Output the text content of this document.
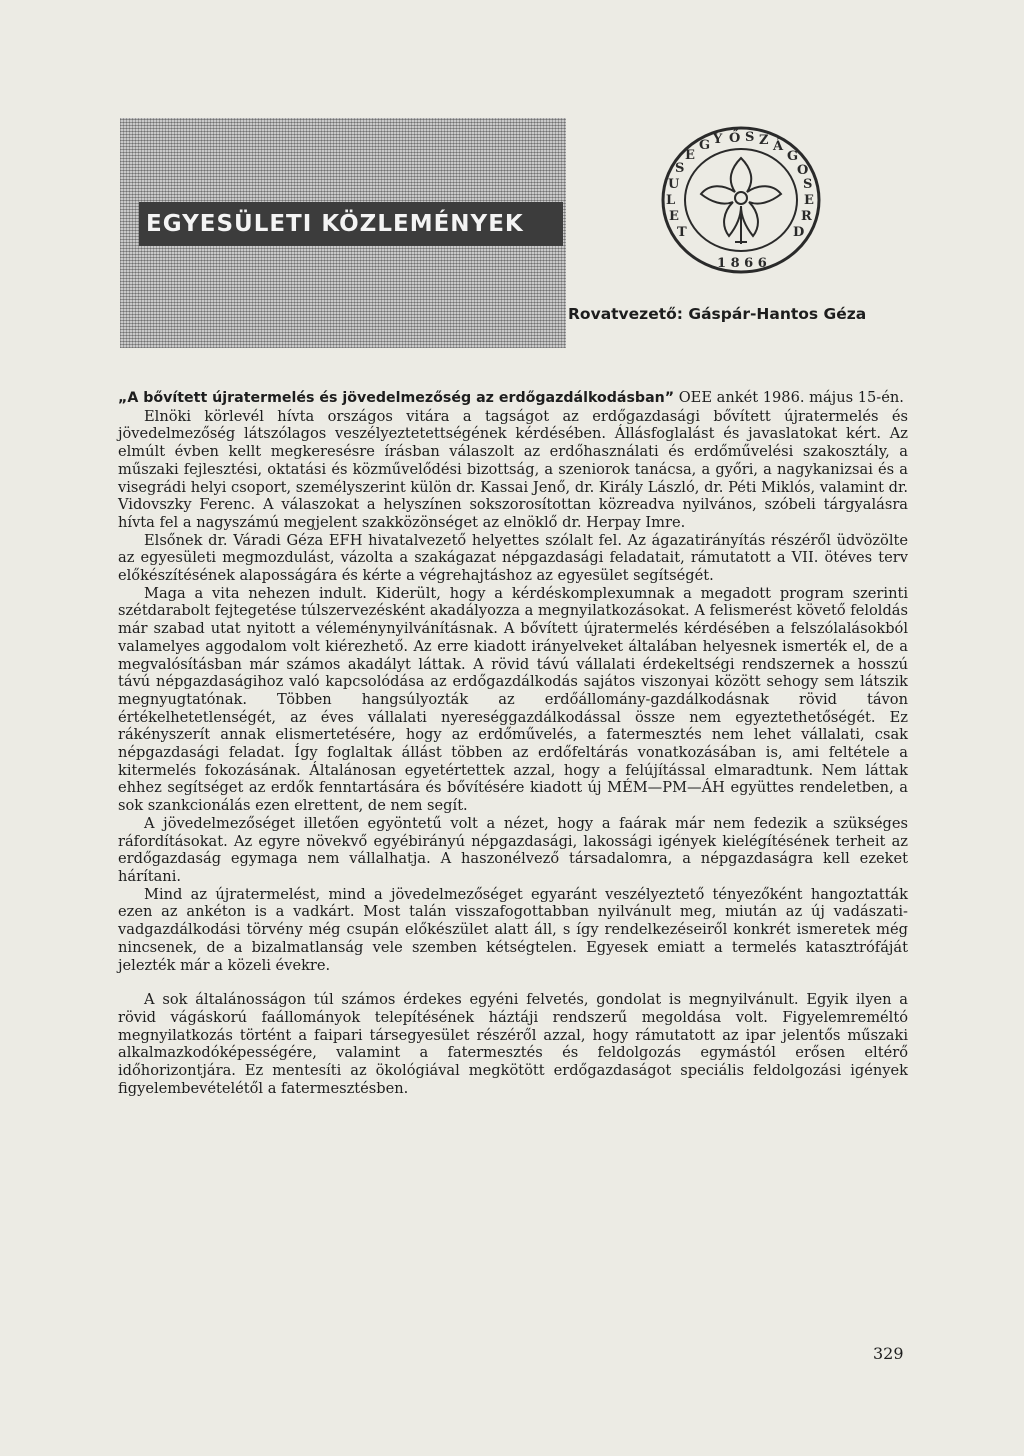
EGYESÜLETI KÖZLEMÉNYEK
Ő S Z Á
G
O
S
E
R
D
T
E
L
U
S
E
G Y
1 8 6 6
Rovatvezető: Gáspár-Hantos Géza

„A bővített újratermelés és jövedelmezőség az erdőgazdálkodásban” OEE ankét 1986. május 15-én.

Elnöki körlevél hívta országos vitára a tagságot az erdőgazdasági bővített újratermelés és jövedelmezőség látszólagos veszélyeztetettségének kérdésében. Állásfoglalást és javaslatokat kért. Az elmúlt évben kellt megkeresésre írásban válaszolt az erdőhasználati és erdőművelési szakosztály, a műszaki fejlesztési, oktatási és közművelődési bizottság, a szeniorok tanácsa, a győri, a nagykanizsai és a visegrádi helyi csoport, személyszerint külön dr. Kassai Jenő, dr. Király László, dr. Péti Miklós, valamint dr. Vidovszky Ferenc. A válaszokat a helyszínen sokszorosítottan közreadva nyilvános, szóbeli tárgyalásra hívta fel a nagyszámú megjelent szakközönséget az elnöklő dr. Herpay Imre.

Elsőnek dr. Váradi Géza EFH hivatalvezető helyettes szólalt fel. Az ágazatirányítás részéről üdvözölte az egyesületi megmozdulást, vázolta a szakágazat népgazdasági feladatait, rámutatott a VII. ötéves terv előkészítésének alaposságára és kérte a végrehajtáshoz az egyesület segítségét.

Maga a vita nehezen indult. Kiderült, hogy a kérdéskomplexumnak a megadott program szerinti szétdarabolt fejtegetése túlszervezésként akadályozza a megnyilatkozásokat. A felismerést követő feloldás már szabad utat nyitott a véleménynyilvánításnak. A bővített újratermelés kérdésében a felszólalásokból valamelyes aggodalom volt kiérezhető. Az erre kiadott irányelveket általában helyesnek ismerték el, de a megvalósításban már számos akadályt láttak. A rövid távú vállalati érdekeltségi rendszernek a hosszú távú népgazdaságihoz való kapcsolódása az erdőgazdálkodás sajátos viszonyai között sehogy sem látszik megnyugtatónak. Többen hangsúlyozták az erdőállomány-gazdálkodásnak rövid távon értékelhetetlenségét, az éves vállalati nyereséggazdálkodással össze nem egyeztethetőségét. Ez rákényszerít annak elismertetésére, hogy az erdőművelés, a fatermesztés nem lehet vállalati, csak népgazdasági feladat. Így foglaltak állást többen az erdőfeltárás vonatkozásában is, ami feltétele a kitermelés fokozásának. Általánosan egyetértettek azzal, hogy a felújítással elmaradtunk. Nem láttak ehhez segítséget az erdők fenntartására és bővítésére kiadott új MÉM—PM—ÁH együttes rendeletben, a sok szankcionálás ezen elrettent, de nem segít.

A jövedelmezőséget illetően egyöntetű volt a nézet, hogy a faárak már nem fedezik a szükséges ráfordításokat. Az egyre növekvő egyébirányú népgazdasági, lakossági igények kielégítésének terheit az erdőgazdaság egymaga nem vállalhatja. A haszonélvező társadalomra, a népgazdaságra kell ezeket hárítani.

Mind az újratermelést, mind a jövedelmezőséget egyaránt veszélyeztető tényezőként hangoztatták ezen az ankéton is a vadkárt. Most talán visszafogottabban nyilvánult meg, miután az új vadászati-vadgazdálkodási törvény még csupán előkészület alatt áll, s így rendelkezéseiről konkrét ismeretek még nincsenek, de a bizalmatlanság vele szemben kétségtelen. Egyesek emiatt a termelés katasztrófáját jelezték már a közeli évekre.

A sok általánosságon túl számos érdekes egyéni felvetés, gondolat is megnyilvánult. Egyik ilyen a rövid vágáskorú faállományok telepítésének háztáji rendszerű megoldása volt. Figyelemreméltó megnyilatkozás történt a faipari társegyesület részéről azzal, hogy rámutatott az ipar jelentős műszaki alkalmazkodóképességére, valamint a fatermesztés és feldolgozás egymástól erősen eltérő időhorizontjára. Ez mentesíti az ökológiával megkötött erdőgazdaságot speciális feldolgozási igények figyelembevételétől a fatermesztésben.

329
